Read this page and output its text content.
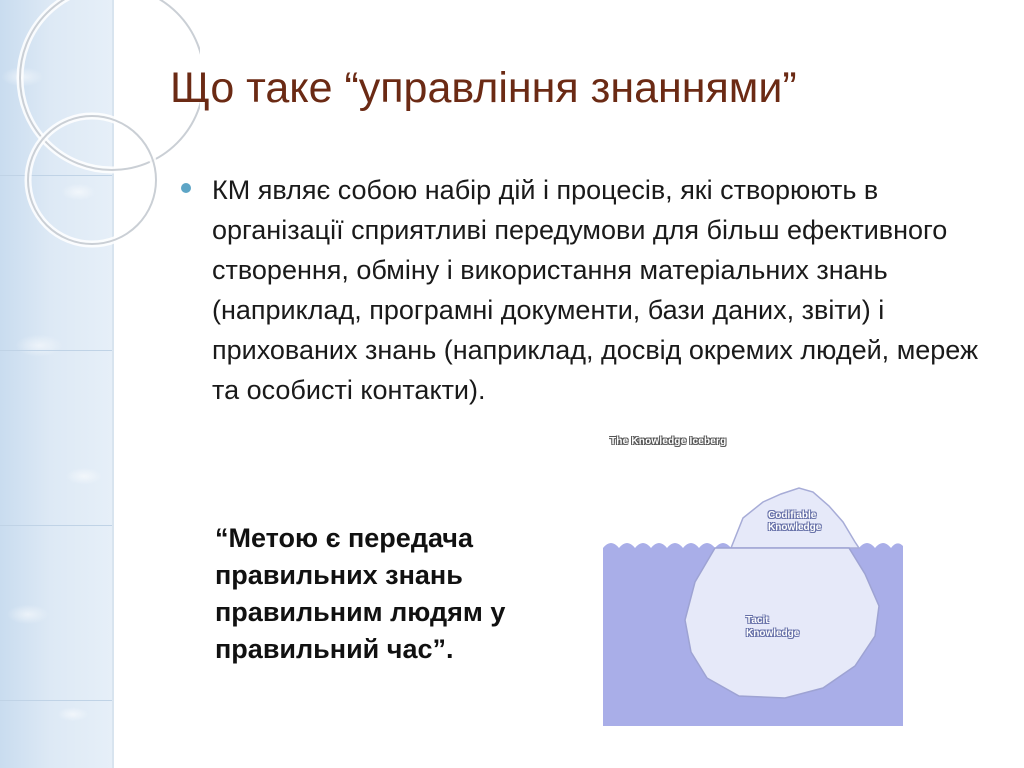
Що таке “управління знаннями”

КМ являє собою набір дій і процесів, які створюють в організації сприятливі передумови для більш ефективного створення, обміну і використання матеріальних знань (наприклад, програмні документи, бази даних, звіти) і прихованих знань (наприклад, досвід окремих людей, мереж та особисті контакти).

The Knowledge Iceberg
Codifiable
Knowledge
Tacit
Knowledge

“Метою є передача правильних знань правильним людям у правильний час”.
